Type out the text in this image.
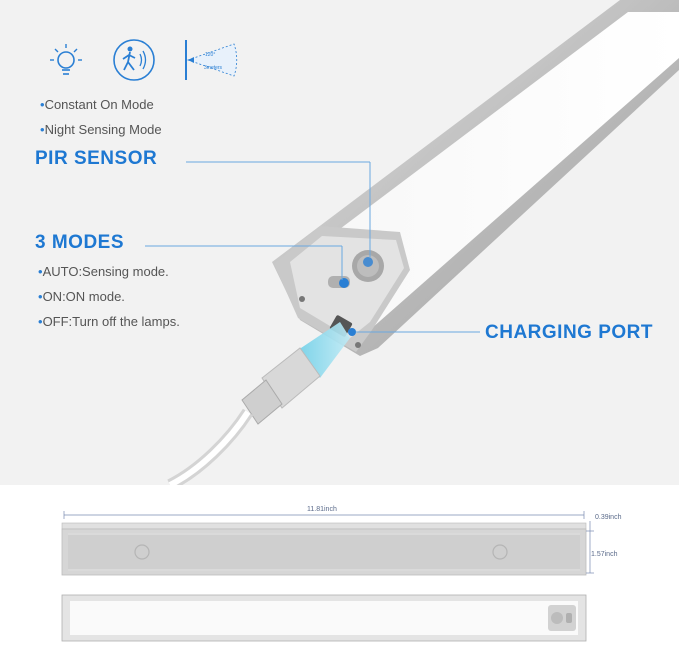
120°
3meters
•Constant On Mode
•Night Sensing Mode
PIR SENSOR
3 MODES
•AUTO:Sensing mode.
•ON:ON mode.
•OFF:Turn off the lamps.
CHARGING PORT
11.81inch
0.39inch
1.57inch
